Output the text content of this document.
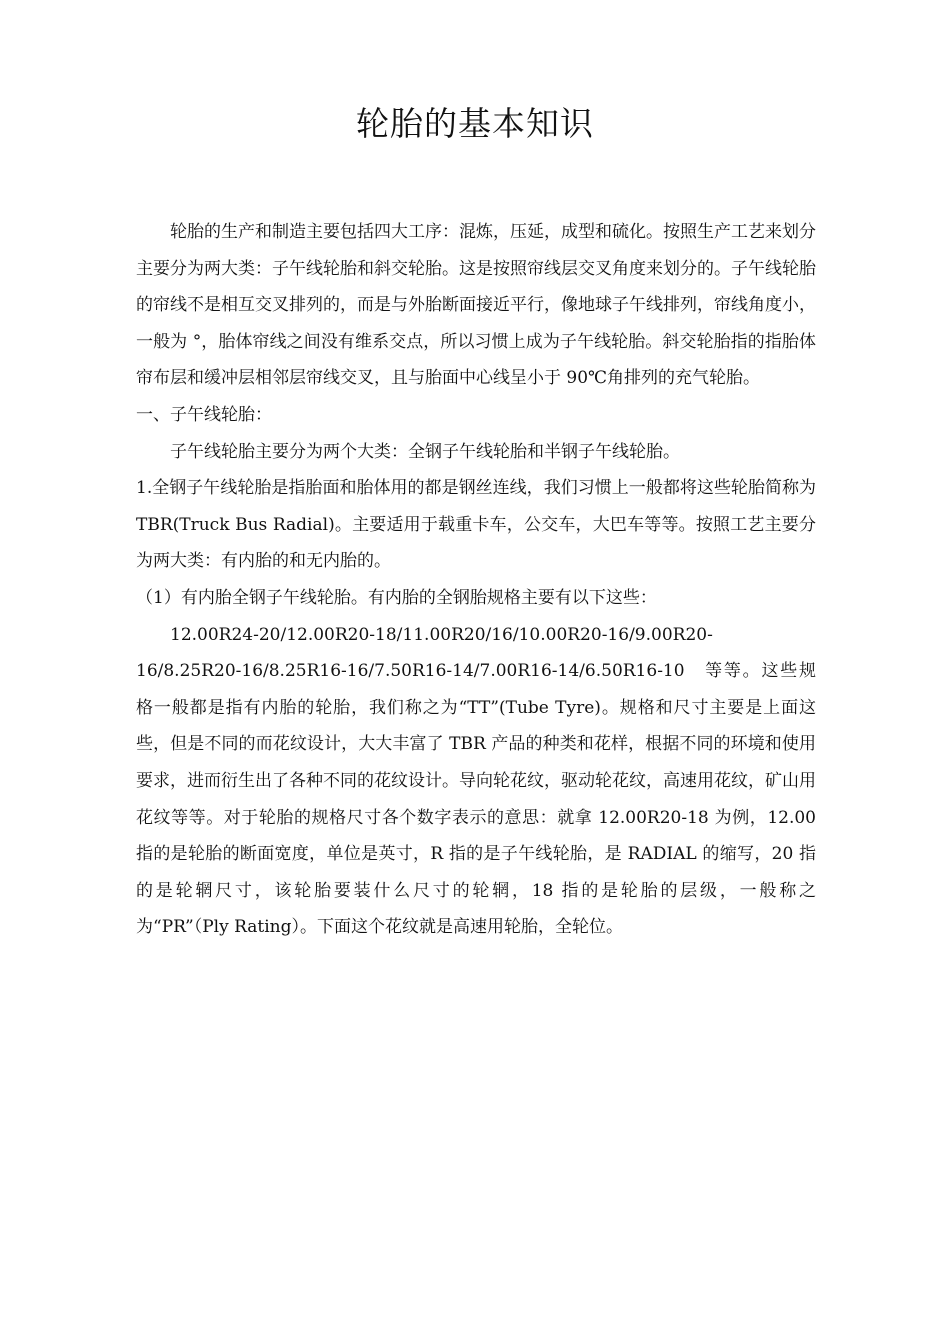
轮胎的基本知识

轮胎的生产和制造主要包括四大工序：混炼，压延，成型和硫化。按照生产工艺来划分主要分为两大类：子午线轮胎和斜交轮胎。这是按照帘线层交叉角度来划分的。子午线轮胎的帘线不是相互交叉排列的，而是与外胎断面接近平行，像地球子午线排列，帘线角度小，一般为 °，胎体帘线之间没有维系交点，所以习惯上成为子午线轮胎。斜交轮胎指的指胎体 帘布层和缓冲层相邻层帘线交叉，且与胎面中心线呈小于 90℃角排列的充气轮胎。

一、子午线轮胎：

子午线轮胎主要分为两个大类：全钢子午线轮胎和半钢子午线轮胎。

1.全钢子午线轮胎是指胎面和胎体用的都是钢丝连线，我们习惯上一般都将这些轮胎简称为 TBR(Truck Bus Radial)。主要适用于载重卡车，公交车，大巴车等等。按照工艺主要分为两大类：有内胎的和无内胎的。

（1）有内胎全钢子午线轮胎。有内胎的全钢胎规格主要有以下这些：

12.00R24-20/12.00R20-18/11.00R20/16/10.00R20-16/9.00R20-16/8.25R20-16/8.25R16-16/7.50R16-14/7.00R16-14/6.50R16-10　等等。这些规格一般都是指有内胎的轮胎，我们称之为“TT”(Tube Tyre)。规格和尺寸主要是上面这些，但是不同的而花纹设计，大大丰富了 TBR 产品的种类和花样，根据不同的环境和使用要求，进而衍生出了各种不同的花纹设计。导向轮花纹，驱动轮花纹，高速用花纹，矿山用花纹等等。对于轮胎的规格尺寸各个数字表示的意思：就拿 12.00R20-18 为例，12.00 指的是轮胎的断面宽度，单位是英寸，R 指的是子午线轮胎，是 RADIAL 的缩写，20 指的是轮辋尺寸，该轮胎要装什么尺寸的轮辋，18 指的是轮胎的层级，一般称之为“PR”（Ply Rating）。下面这个花纹就是高速用轮胎，全轮位。
